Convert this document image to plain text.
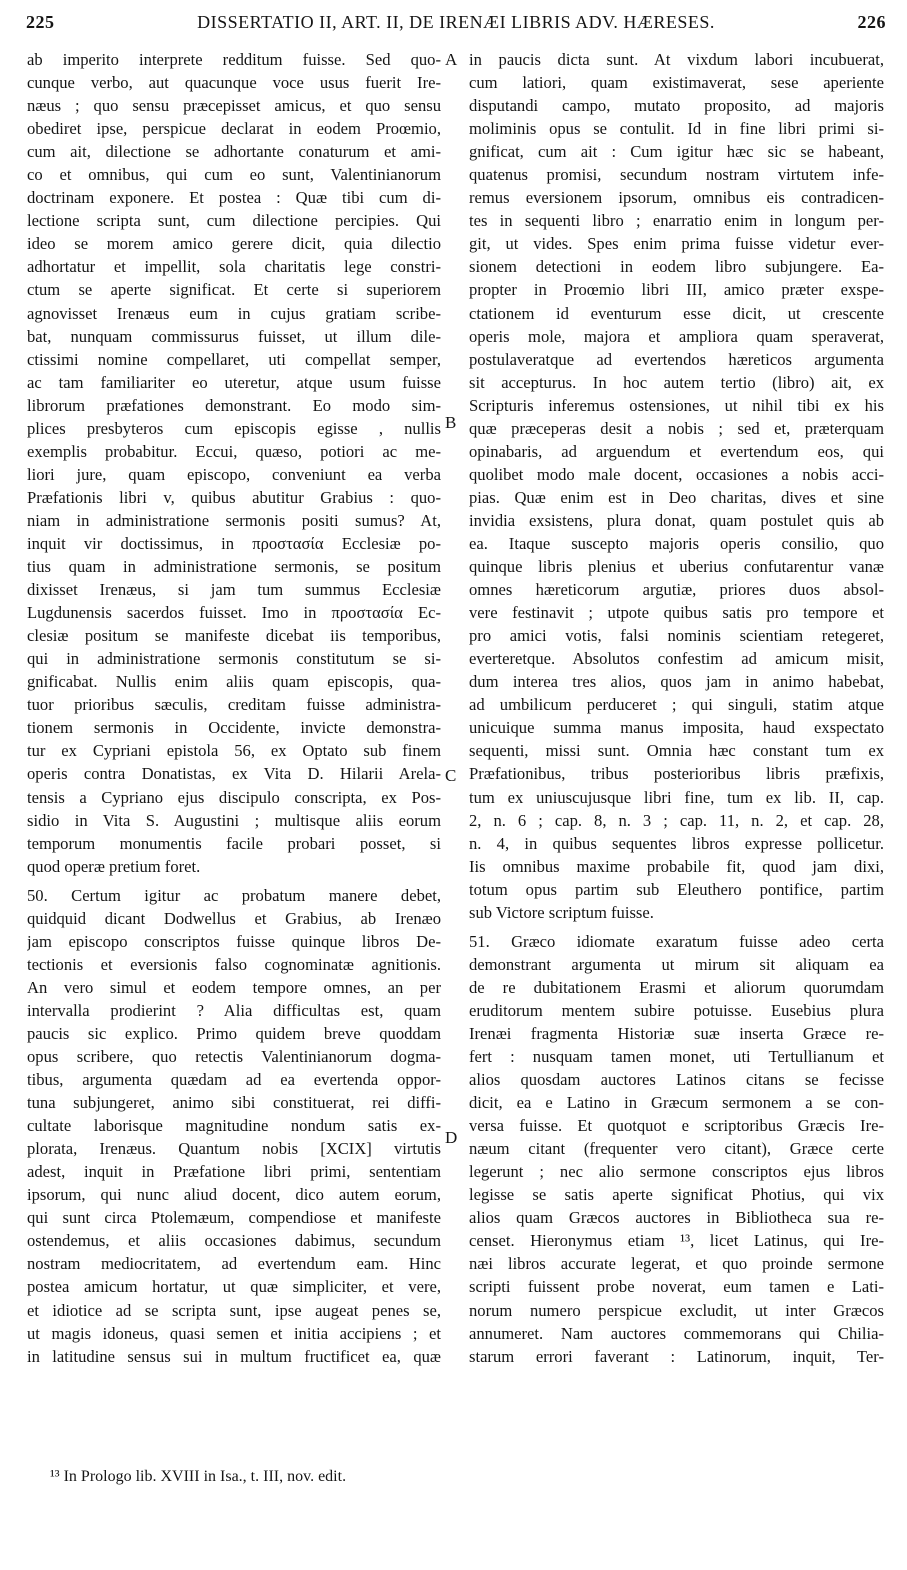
225	DISSERTATIO II, ART. II, DE IRENÆI LIBRIS ADV. HÆRESES.	226
ab imperito interprete redditum fuisse. Sed quo-
cunque verbo, aut quacunque voce usus fuerit Ire-
næus ; quo sensu præcepisset amicus, et quo sensu
obediret ipse, perspicue declarat in eodem Proœmio,
cum ait, dilectione se adhortante conaturum et ami-
co et omnibus, qui cum eo sunt, Valentinianorum
doctrinam exponere. Et postea : Quæ tibi cum di-
lectione scripta sunt, cum dilectione percipies. Qui
ideo se morem amico gerere dicit, quia dilectio
adhortatur et impellit, sola charitatis lege constri-
ctum se aperte significat. Et certe si superiorem
agnovisset Irenæus eum in cujus gratiam scribe-
bat, nunquam commissurus fuisset, ut illum dile-
ctissimi nomine compellaret, uti compellat semper,
ac tam familiariter eo uteretur, atque usum fuisse
librorum præfationes demonstrant. Eo modo sim-
plices presbyteros cum episcopis egisse , nullis
exemplis probabitur. Eccui, quæso, potiori ac me-
liori jure, quam episcopo, conveniunt ea verba
Præfationis libri v, quibus abutitur Grabius : quo-
niam in administratione sermonis positi sumus? At,
inquit vir doctissimus, in προστασία Ecclesiæ po-
tius quam in administratione sermonis, se positum
dixisset Irenæus, si jam tum summus Ecclesiæ
Lugdunensis sacerdos fuisset. Imo in προστασία Ec-
clesiæ positum se manifeste dicebat iis temporibus,
qui in administratione sermonis constitutum se si-
gnificabat. Nullis enim aliis quam episcopis, qua-
tuor prioribus sæculis, creditam fuisse administra-
tionem sermonis in Occidente, invicte demonstra-
tur ex Cypriani epistola 56, ex Optato sub finem
operis contra Donatistas, ex Vita D. Hilarii Arela-
tensis a Cypriano ejus discipulo conscripta, ex Pos-
sidio in Vita S. Augustini ; multisque aliis eorum
temporum monumentis facile probari posset, si
quod operæ pretium foret.
50. Certum igitur ac probatum manere debet,
quidquid dicant Dodwellus et Grabius, ab Irenæo
jam episcopo conscriptos fuisse quinque libros De-
tectionis et eversionis falso cognominatæ agnitionis.
An vero simul et eodem tempore omnes, an per
intervalla prodierint ? Alia difficultas est, quam
paucis sic explico. Primo quidem breve quoddam
opus scribere, quo retectis Valentinianorum dogma-
tibus, argumenta quædam ad ea evertenda oppor-
tuna subjungeret, animo sibi constituerat, rei diffi-
cultate laborisque magnitudine nondum satis ex-
plorata, Irenæus. Quantum nobis [XCIX] virtutis
adest, inquit in Præfatione libri primi, sententiam
ipsorum, qui nunc aliud docent, dico autem eorum,
qui sunt circa Ptolemæum, compendiose et manifeste
ostendemus, et aliis occasiones dabimus, secundum
nostram mediocritatem, ad evertendum eam. Hinc
postea amicum hortatur, ut quæ simpliciter, et vere,
et idiotice ad se scripta sunt, ipse augeat penes se,
ut magis idoneus, quasi semen et initia accipiens ; et
in latitudine sensus sui in multum fructificet ea, quæ
in paucis dicta sunt. At vixdum labori incubuerat,
cum latiori, quam existimaverat, sese aperiente
disputandi campo, mutato proposito, ad majoris
moliminis opus se contulit. Id in fine libri primi si-
gnificat, cum ait : Cum igitur hæc sic se habeant,
quatenus promisi, secundum nostram virtutem infe-
remus eversionem ipsorum, omnibus eis contradicen-
tes in sequenti libro ; enarratio enim in longum per-
git, ut vides. Spes enim prima fuisse videtur ever-
sionem detectioni in eodem libro subjungere. Ea-
propter in Proœmio libri III, amico præter exspe-
ctationem id eventurum esse dicit, ut crescente
operis mole, majora et ampliora quam speraverat,
postulaveratque ad evertendos hæreticos argumenta
sit accepturus. In hoc autem tertio (libro) ait, ex
Scripturis inferemus ostensiones, ut nihil tibi ex his
quæ præceperas desit a nobis ; sed et, præterquam
opinabaris, ad arguendum et evertendum eos, qui
quolibet modo male docent, occasiones a nobis acci-
pias. Quæ enim est in Deo charitas, dives et sine
invidia exsistens, plura donat, quam postulet quis ab
ea. Itaque suscepto majoris operis consilio, quo
quinque libris plenius et uberius confutarentur vanæ
omnes hæreticorum argutiæ, priores duos absol-
vere festinavit ; utpote quibus satis pro tempore et
pro amici votis, falsi nominis scientiam retegeret,
everteretque. Absolutos confestim ad amicum misit,
dum interea tres alios, quos jam in animo habebat,
ad umbilicum perduceret ; qui singuli, statim atque
unicuique summa manus imposita, haud exspectato
sequenti, missi sunt. Omnia hæc constant tum ex
Præfationibus, tribus posterioribus libris præfixis,
tum ex uniuscujusque libri fine, tum ex lib. II, cap.
2, n. 6 ; cap. 8, n. 3 ; cap. 11, n. 2, et cap. 28,
n. 4, in quibus sequentes libros expresse pollicetur.
Iis omnibus maxime probabile fit, quod jam dixi,
totum opus partim sub Eleuthero pontifice, partim
sub Victore scriptum fuisse.
51. Græco idiomate exaratum fuisse adeo certa
demonstrant argumenta ut mirum sit aliquam ea
de re dubitationem Erasmi et aliorum quorumdam
eruditorum mentem subire potuisse. Eusebius plura
Irenæi fragmenta Historiæ suæ inserta Græce re-
fert : nusquam tamen monet, uti Tertullianum et
alios quosdam auctores Latinos citans se fecisse
dicit, ea e Latino in Græcum sermonem a se con-
versa fuisse. Et quotquot e scriptoribus Græcis Ire-
næum citant (frequenter vero citant), Græce certe
legerunt ; nec alio sermone conscriptos ejus libros
legisse se satis aperte significat Photius, qui vix
alios quam Græcos auctores in Bibliotheca sua re-
censet. Hieronymus etiam ¹³, licet Latinus, qui Ire-
næi libros accurate legerat, et quo proinde sermone
scripti fuissent probe noverat, eum tamen e Lati-
norum numero perspicue excludit, ut inter Græcos
annumeret. Nam auctores commemorans qui Chilia-
starum errori faverant : Latinorum, inquit, Ter-
A
B
C
D
¹³ In Prologo lib. XVIII in Isa., t. III, nov. edit.
